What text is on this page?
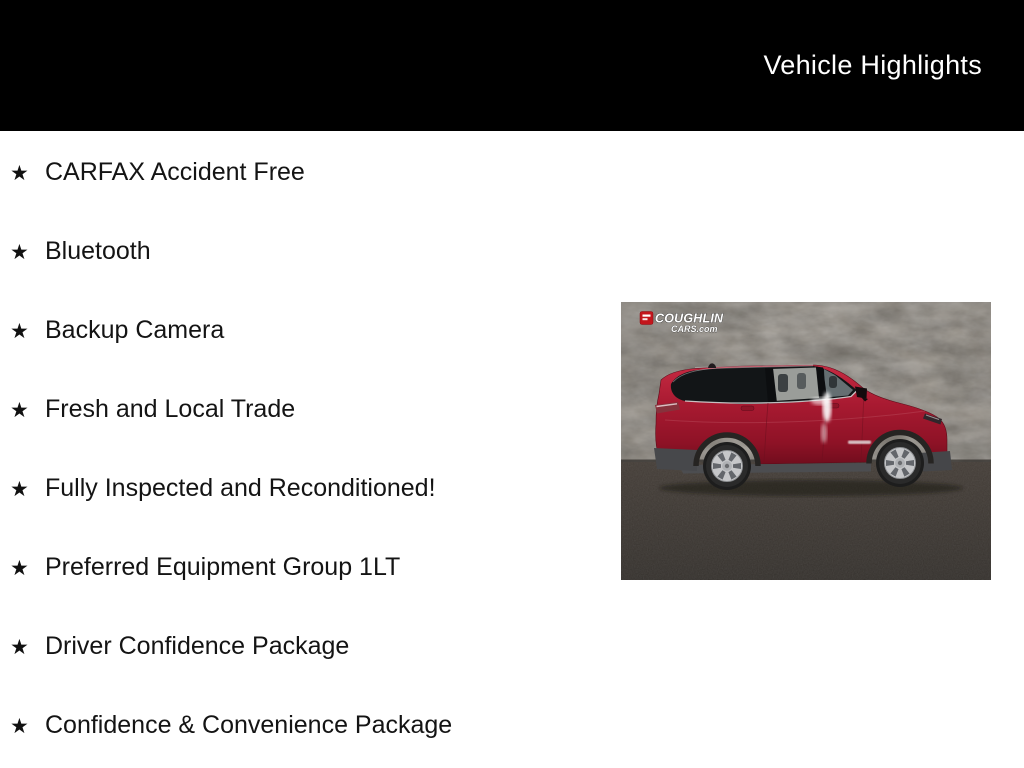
Vehicle Highlights
★ CARFAX Accident Free
★ Bluetooth
★ Backup Camera
★ Fresh and Local Trade
★ Fully Inspected and Reconditioned!
★ Preferred Equipment Group 1LT
★ Driver Confidence Package
★ Confidence & Convenience Package
COUGHLIN
CARS.com
